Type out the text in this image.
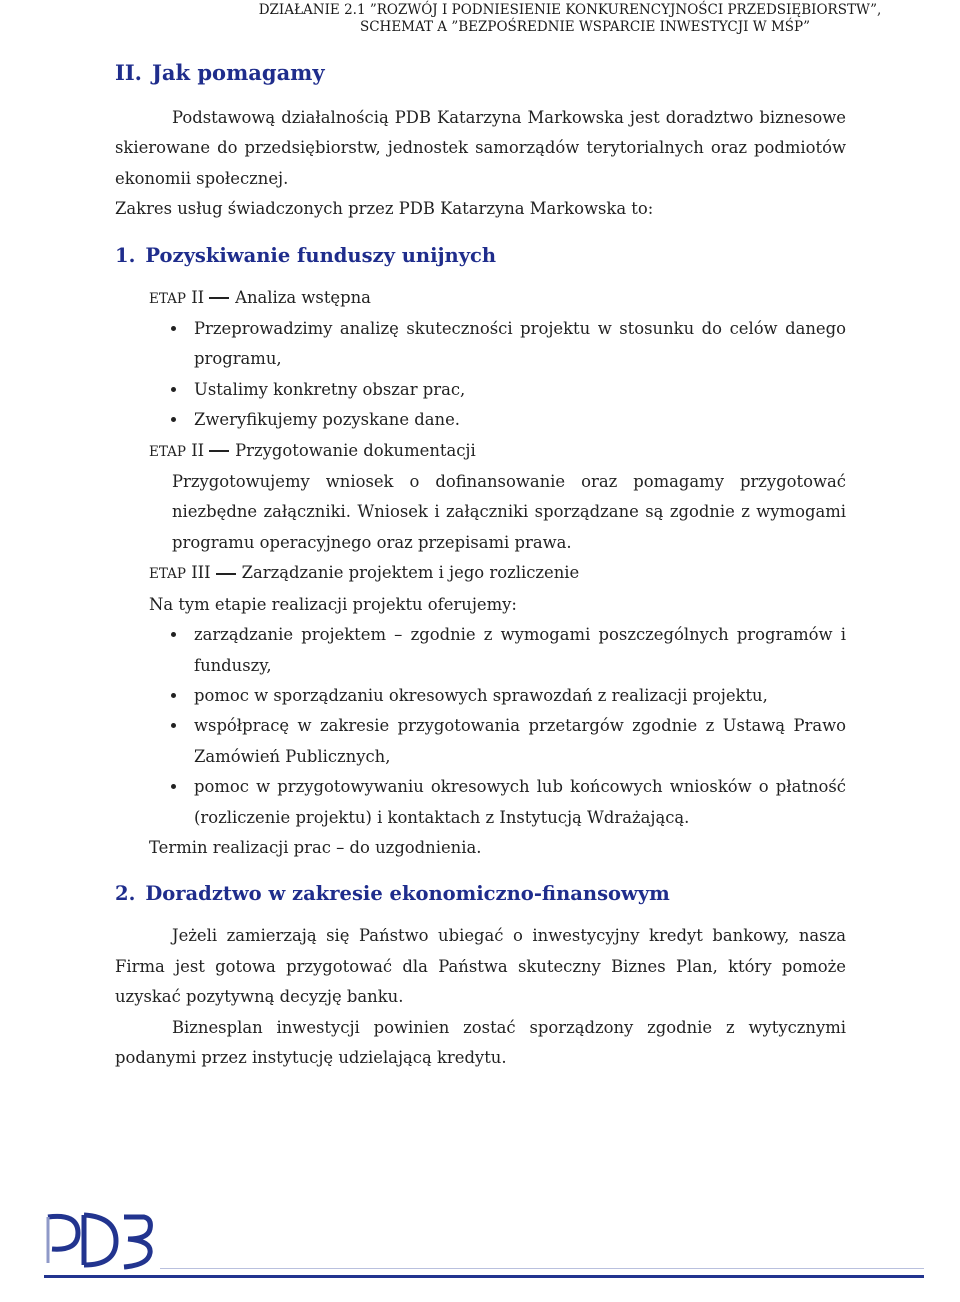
DZIAŁANIE 2.1 ”ROZWÓJ I PODNIESIENIE KONKURENCYJNOŚCI PRZEDSIĘBIORSTW”,
SCHEMAT A ”BEZPOŚREDNIE WSPARCIE INWESTYCJI W MŚP”
II. Jak pomagamy

Podstawową działalnością PDB Katarzyna Markowska jest doradztwo biznesowe skierowane do przedsiębiorstw, jednostek samorządów terytorialnych oraz podmiotów ekonomii społecznej.

Zakres usług świadczonych przez PDB Katarzyna Markowska to:

1. Pozyskiwanie funduszy unijnych

ETAP II Analiza wstępna

Przeprowadzimy analizę skuteczności projektu w stosunku do celów danego programu,
Ustalimy konkretny obszar prac,
Zweryfikujemy pozyskane dane.

ETAP II Przygotowanie dokumentacji

Przygotowujemy wniosek o dofinansowanie oraz pomagamy przygotować niezbędne załączniki. Wniosek i załączniki sporządzane są zgodnie z wymogami programu operacyjnego oraz przepisami prawa.

ETAP III Zarządzanie projektem i jego rozliczenie

Na tym etapie realizacji projektu oferujemy:

zarządzanie projektem – zgodnie z wymogami poszczególnych programów i funduszy,
pomoc w sporządzaniu okresowych sprawozdań z realizacji projektu,
współpracę w zakresie przygotowania przetargów zgodnie z Ustawą Prawo Zamówień Publicznych,
pomoc w przygotowywaniu okresowych lub końcowych wniosków o płatność (rozliczenie projektu) i kontaktach z Instytucją Wdrażającą.

Termin realizacji prac – do uzgodnienia.

2. Doradztwo w zakresie ekonomiczno-finansowym

Jeżeli zamierzają się Państwo ubiegać o inwestycyjny kredyt bankowy, nasza Firma jest gotowa przygotować dla Państwa skuteczny Biznes Plan, który pomoże uzyskać pozytywną decyzję banku.

Biznesplan inwestycji powinien zostać sporządzony zgodnie z wytycznymi podanymi przez instytucję udzielającą kredytu.
